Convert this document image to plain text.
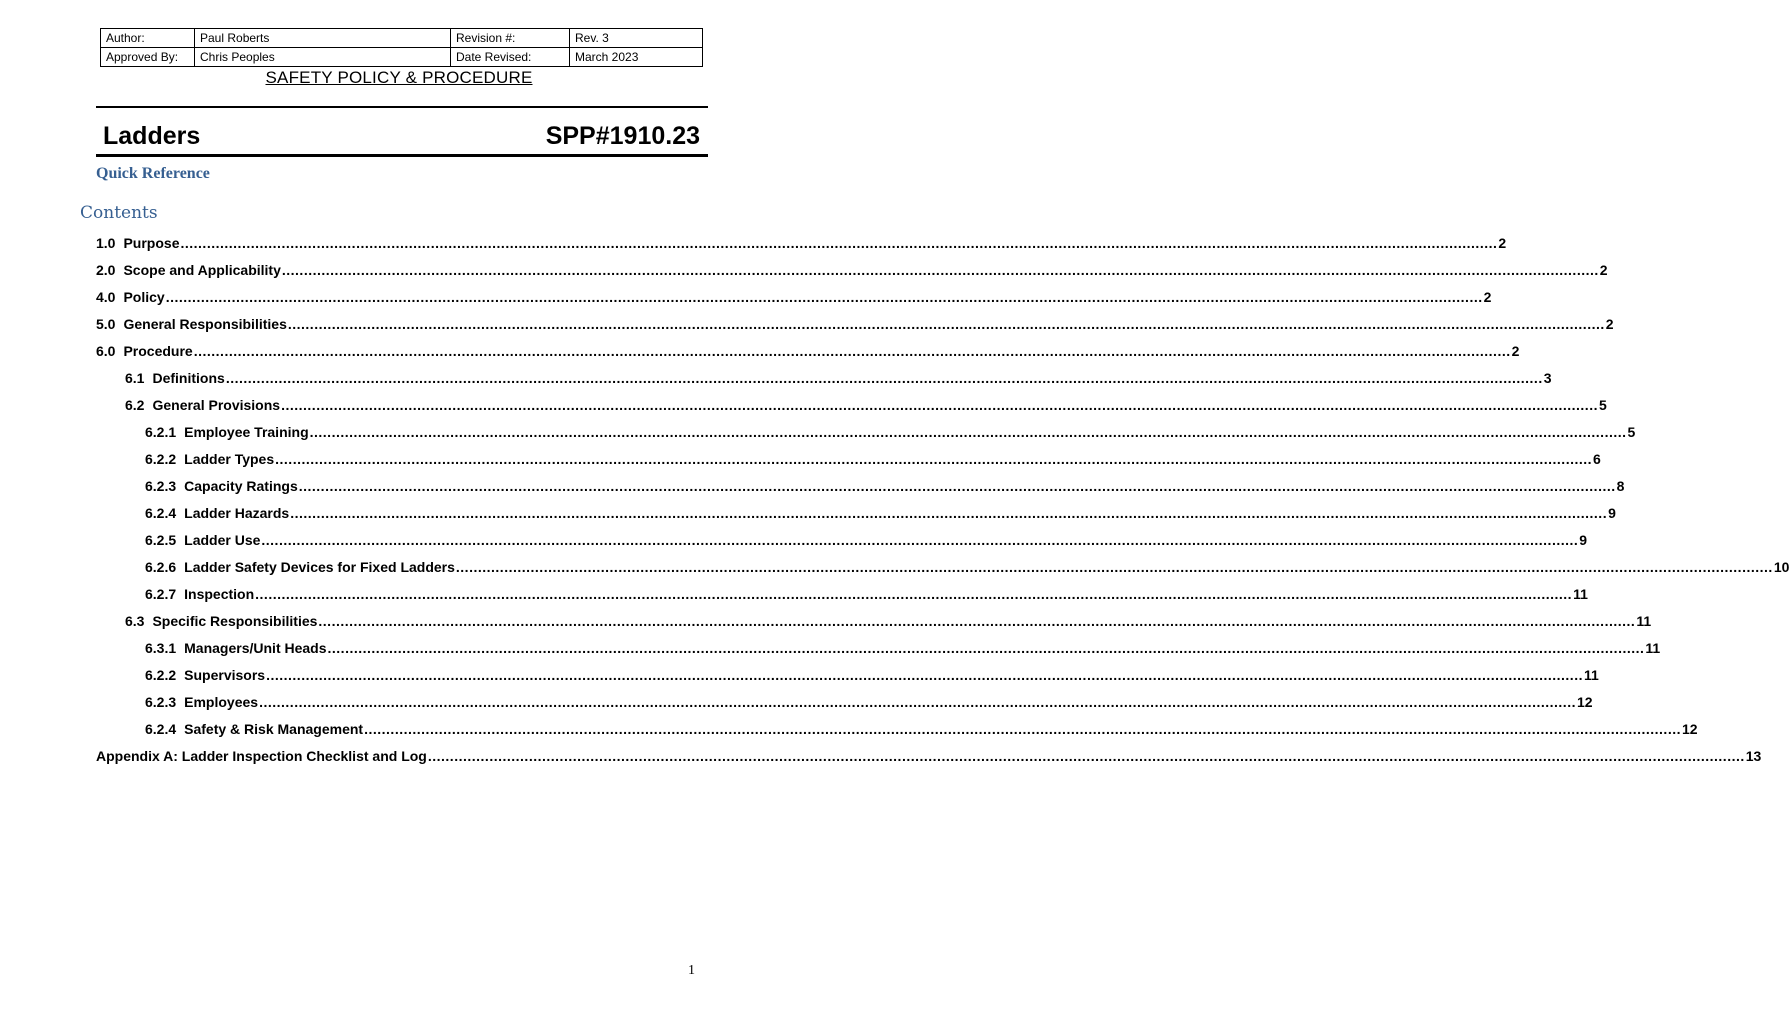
Author:	Paul Roberts	Revision #:	Rev. 3
Approved By:	Chris Peoples	Date Revised:	March 2023
SAFETY POLICY & PROCEDURE
Ladders	SPP#1910.23
Quick Reference
Contents
1.0 Purpose ............................................................................................................................................................................................................................................................................................................ 2
2.0 Scope and Applicability ............................................................................................................................................................................................................................................................................................................ 2
4.0 Policy ............................................................................................................................................................................................................................................................................................................ 2
5.0 General Responsibilities ............................................................................................................................................................................................................................................................................................................ 2
6.0 Procedure ............................................................................................................................................................................................................................................................................................................ 2
6.1 Definitions ............................................................................................................................................................................................................................................................................................................ 3
6.2 General Provisions ............................................................................................................................................................................................................................................................................................................ 5
6.2.1 Employee Training ............................................................................................................................................................................................................................................................................................................ 5
6.2.2 Ladder Types ............................................................................................................................................................................................................................................................................................................ 6
6.2.3 Capacity Ratings ............................................................................................................................................................................................................................................................................................................ 8
6.2.4 Ladder Hazards ............................................................................................................................................................................................................................................................................................................ 9
6.2.5 Ladder Use ............................................................................................................................................................................................................................................................................................................ 9
6.2.6 Ladder Safety Devices for Fixed Ladders ............................................................................................................................................................................................................................................................................................................ 10
6.2.7 Inspection ............................................................................................................................................................................................................................................................................................................ 11
6.3 Specific Responsibilities ............................................................................................................................................................................................................................................................................................................ 11
6.3.1 Managers/Unit Heads ............................................................................................................................................................................................................................................................................................................ 11
6.2.2 Supervisors ............................................................................................................................................................................................................................................................................................................ 11
6.2.3 Employees ............................................................................................................................................................................................................................................................................................................ 12
6.2.4 Safety & Risk Management ............................................................................................................................................................................................................................................................................................................ 12
Appendix A: Ladder Inspection Checklist and Log ............................................................................................................................................................................................................................................................................................................ 13
1
